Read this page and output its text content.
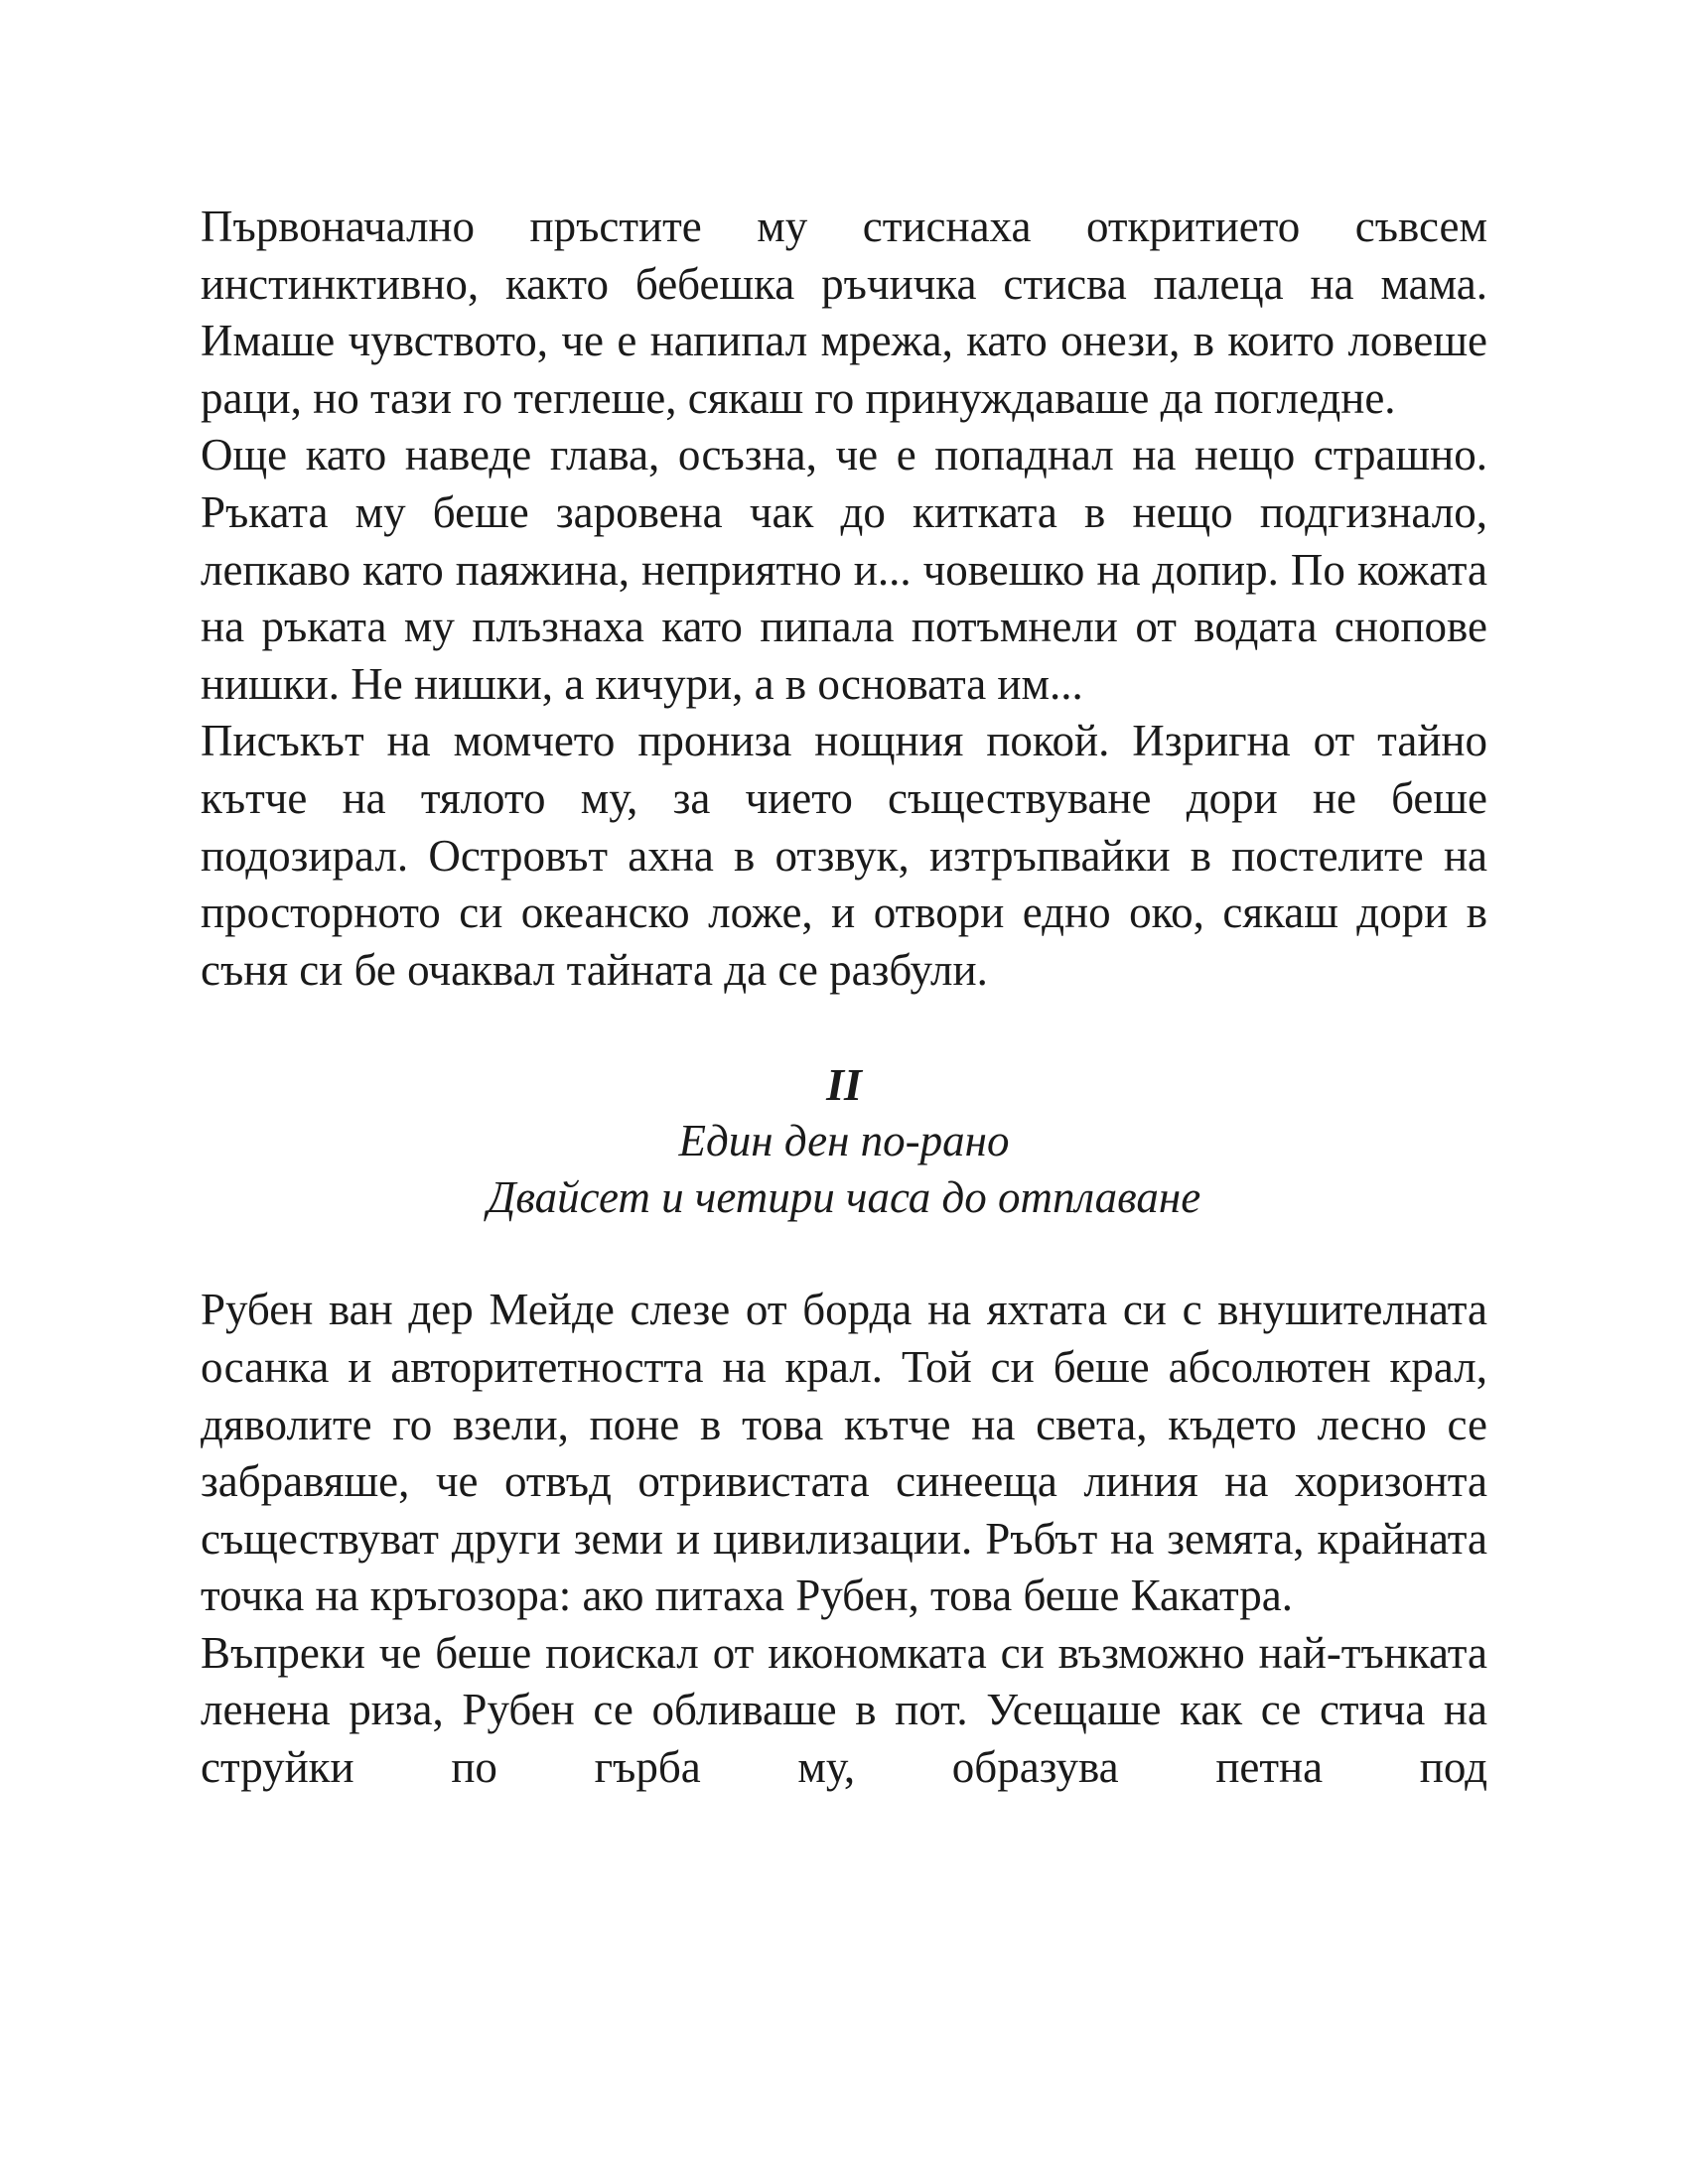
Първоначално пръстите му стиснаха откритието съвсем инстинктивно, както бебешка ръчичка стисва палеца на мама. Имаше чувството, че е напипал мрежа, като онези, в които ловеше раци, но тази го теглеше, сякаш го принуждаваше да погледне.

Още като наведе глава, осъзна, че е попаднал на нещо страшно. Ръката му беше заровена чак до китката в нещо подгизнало, лепкаво като паяжина, неприятно и... човешко на допир. По кожата на ръката му плъзнаха като пипала потъмнели от водата снопове нишки. Не нишки, а кичури, а в основата им...

Писъкът на момчето прониза нощния покой. Изригна от тайно кътче на тялото му, за чието съществуване дори не беше подозирал. Островът ахна в отзвук, изтръпвайки в постелите на просторното си океанско ложе, и отвори едно око, сякаш дори в съня си бе очаквал тайната да се разбули.

II

Един ден по-рано

Двайсет и четири часа до отплаване

Рубен ван дер Мейде слезе от борда на яхтата си с внушителната осанка и авторитетността на крал. Той си беше абсолютен крал, дяволите го взели, поне в това кътче на света, където лесно се забравяше, че отвъд отривистата синееща линия на хоризонта съществуват други земи и цивилизации. Ръбът на земята, крайната точка на кръгозора: ако питаха Рубен, това беше Какатра.

Въпреки че беше поискал от икономката си възможно най-тънката ленена риза, Рубен се обливаше в пот. Усещаше как се стича на струйки по гърба му, образува петна под
